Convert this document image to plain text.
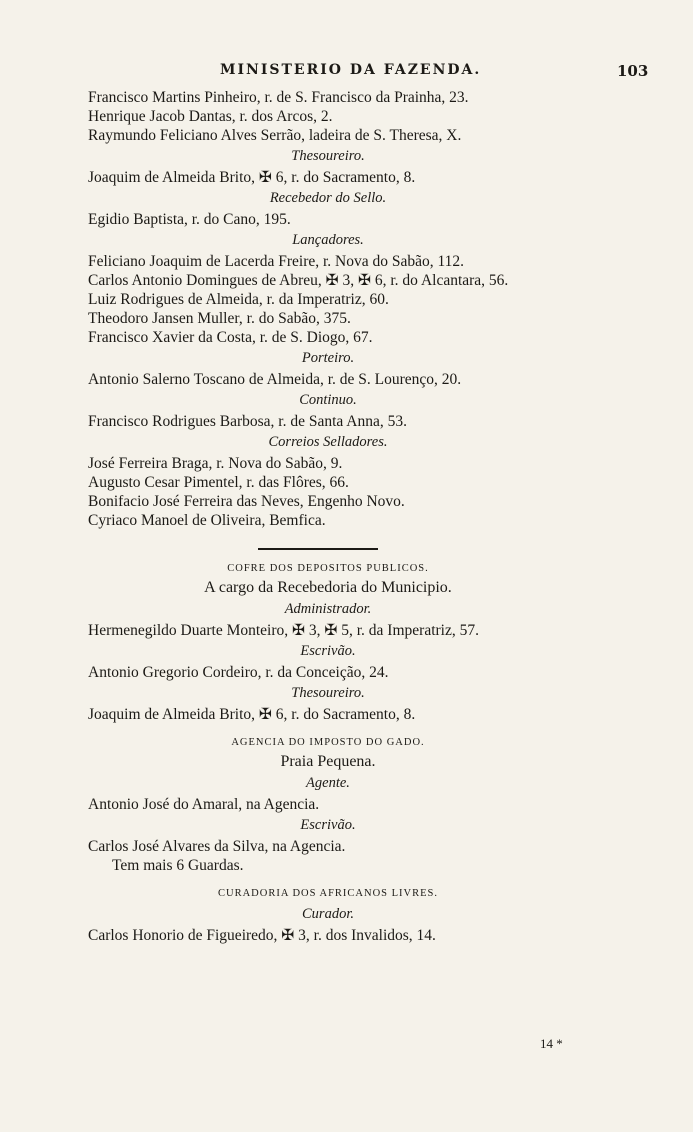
MINISTERIO DA FAZENDA.	103
Francisco Martins Pinheiro, r. de S. Francisco da Prainha, 23.
Henrique Jacob Dantas, r. dos Arcos, 2.
Raymundo Feliciano Alves Serrão, ladeira de S. Theresa, X.
Thesoureiro.
Joaquim de Almeida Brito, ✠ 6, r. do Sacramento, 8.
Recebedor do Sello.
Egidio Baptista, r. do Cano, 195.
Lançadores.
Feliciano Joaquim de Lacerda Freire, r. Nova do Sabão, 112.
Carlos Antonio Domingues de Abreu, ✠ 3, ✠ 6, r. do Alcantara, 56.
Luiz Rodrigues de Almeida, r. da Imperatriz, 60.
Theodoro Jansen Muller, r. do Sabão, 375.
Francisco Xavier da Costa, r. de S. Diogo, 67.
Porteiro.
Antonio Salerno Toscano de Almeida, r. de S. Lourenço, 20.
Continuo.
Francisco Rodrigues Barbosa, r. de Santa Anna, 53.
Correios Selladores.
José Ferreira Braga, r. Nova do Sabão, 9.
Augusto Cesar Pimentel, r. das Flôres, 66.
Bonifacio José Ferreira das Neves, Engenho Novo.
Cyriaco Manoel de Oliveira, Bemfica.
COFRE DOS DEPOSITOS PUBLICOS.
A cargo da Recebedoria do Municipio.
Administrador.
Hermenegildo Duarte Monteiro, ✠ 3, ✠ 5, r. da Imperatriz, 57.
Escrivão.
Antonio Gregorio Cordeiro, r. da Conceição, 24.
Thesoureiro.
Joaquim de Almeida Brito, ✠ 6, r. do Sacramento, 8.
AGENCIA DO IMPOSTO DO GADO.
Praia Pequena.
Agente.
Antonio José do Amaral, na Agencia.
Escrivão.
Carlos José Alvares da Silva, na Agencia.
Tem mais 6 Guardas.
CURADORIA DOS AFRICANOS LIVRES.
Curador.
Carlos Honorio de Figueiredo, ✠ 3, r. dos Invalidos, 14.
14 *
